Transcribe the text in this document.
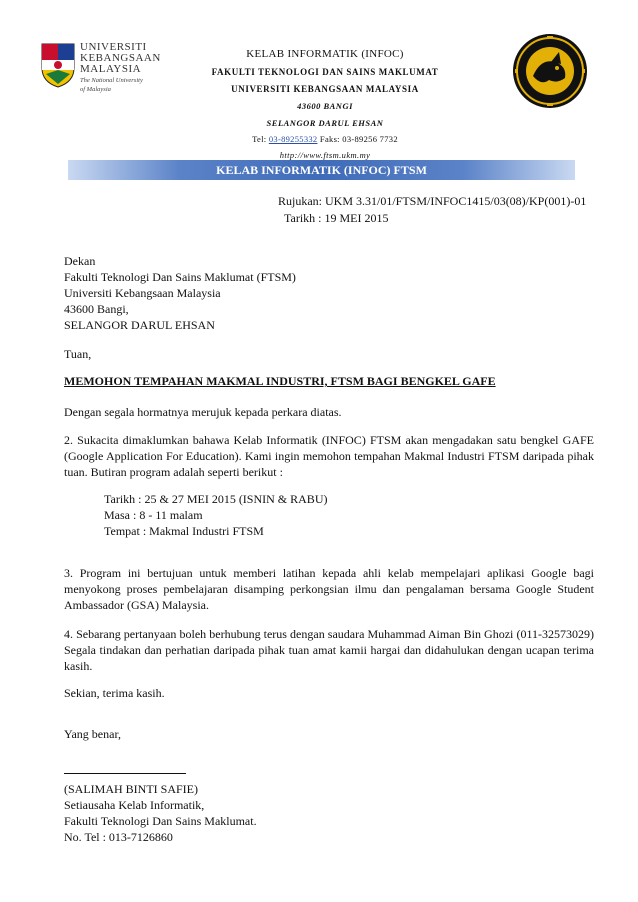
UNIVERSITI
KEBANGSAAN
MALAYSIA
The National University
of Malaysia
KELAB INFORMATIK (INFOC)
FAKULTI TEKNOLOGI DAN SAINS MAKLUMAT
UNIVERSITI KEBANGSAAN MALAYSIA
43600 BANGI
SELANGOR DARUL EHSAN
Tel: 03-89255332 Faks: 03-89256 7732
http://www.ftsm.ukm.my
KELAB INFORMATIK (INFOC) FTSM
Rujukan: UKM 3.31/01/FTSM/INFOC1415/03(08)/KP(001)-01
Tarikh : 19 MEI 2015
Dekan
Fakulti Teknologi Dan Sains Maklumat (FTSM)
Universiti Kebangsaan Malaysia
43600 Bangi,
SELANGOR DARUL EHSAN
Tuan,
MEMOHON TEMPAHAN MAKMAL INDUSTRI, FTSM BAGI BENGKEL GAFE
Dengan segala hormatnya merujuk kepada perkara diatas.
2. Sukacita dimaklumkan bahawa Kelab Informatik (INFOC) FTSM akan mengadakan satu bengkel GAFE (Google Application For Education). Kami ingin memohon tempahan Makmal Industri FTSM daripada pihak tuan. Butiran program adalah seperti berikut :
Tarikh : 25 & 27 MEI 2015 (ISNIN & RABU)
Masa : 8 - 11 malam
Tempat : Makmal Industri FTSM
3. Program ini bertujuan untuk memberi latihan kepada ahli kelab mempelajari aplikasi Google bagi menyokong proses pembelajaran disamping perkongsian ilmu dan pengalaman bersama Google Student Ambassador (GSA) Malaysia.
4. Sebarang pertanyaan boleh berhubung terus dengan saudara Muhammad Aiman Bin Ghozi (011-32573029) Segala tindakan dan perhatian daripada pihak tuan amat kamii hargai dan didahulukan dengan ucapan terima kasih.
Sekian, terima kasih.
Yang benar,
(SALIMAH BINTI SAFIE)
Setiausaha Kelab Informatik,
Fakulti Teknologi Dan Sains Maklumat.
No. Tel : 013-7126860
